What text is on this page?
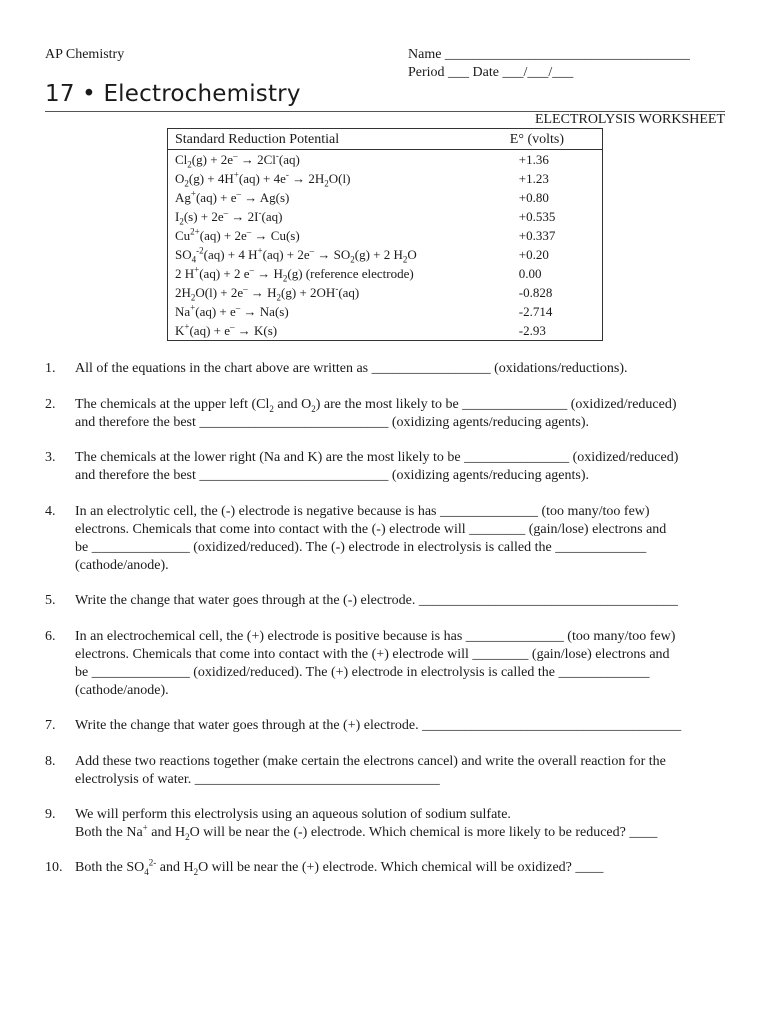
AP Chemistry	Name ___________________________________
Period ___ Date ___/___/___
17 • Electrochemistry
ELECTROLYSIS WORKSHEET
Standard Reduction Potential	E° (volts)
$Cl_2(g) + 2e^- \to 2Cl^-(aq)$	+1.36
$O_2(g) + 4H^+(aq) + 4e^- \to 2H_2O(l)$	+1.23
Ag+(aq) + e– → Ag(s)	+0.80
$I_2(s) + 2e^- \to 2I^-(aq)$	+0.535
$Cu^{2+}(aq) + 2e^- \to Cu(s)$	+0.337
$SO_4^{-2}(aq) + 4$ $H^+(aq) + 2e^- \to SO_2(g) + 2$ $H_2O$	+0.20
2 H+(aq) + 2 $e^- \to H_2(g)$ (reference electrode)	0.00
$2H_2O(l) + 2e^- \to H_2(g) + 2OH^-(aq)$	-0.828
Na+(aq) + e– → Na(s)	-2.714
K+(aq) + e– → K(s)	-2.93
1. All of the equations in the chart above are written as _________________ (oxidations/reductions).
2. The chemicals at the upper left ($Cl_2$ and $O_2$) are the most likely to be _______________ (oxidized/reduced)
and therefore the best ___________________________ (oxidizing agents/reducing agents).
3. The chemicals at the lower right (Na and K) are the most likely to be _______________ (oxidized/reduced)
and therefore the best ___________________________ (oxidizing agents/reducing agents).
4. In an electrolytic cell, the (-) electrode is negative because is has ______________ (too many/too few)
electrons. Chemicals that come into contact with the (-) electrode will ________ (gain/lose) electrons and
be ______________ (oxidized/reduced). The (-) electrode in electrolysis is called the _____________
(cathode/anode).
5. Write the change that water goes through at the (-) electrode. _____________________________________
6. In an electrochemical cell, the (+) electrode is positive because is has ______________ (too many/too few)
electrons. Chemicals that come into contact with the (+) electrode will ________ (gain/lose) electrons and
be ______________ (oxidized/reduced). The (+) electrode in electrolysis is called the _____________
(cathode/anode).
7. Write the change that water goes through at the (+) electrode. _____________________________________
8. Add these two reactions together (make certain the electrons cancel) and write the overall reaction for the
electrolysis of water. ___________________________________
9. We will perform this electrolysis using an aqueous solution of sodium sulfate.
Both the Na+ and $H_2O$ will be near the (-) electrode. Which chemical is more likely to be reduced? ____
10. Both the $SO_4^{2-}$ and $H_2O$ will be near the (+) electrode. Which chemical will be oxidized? ____
